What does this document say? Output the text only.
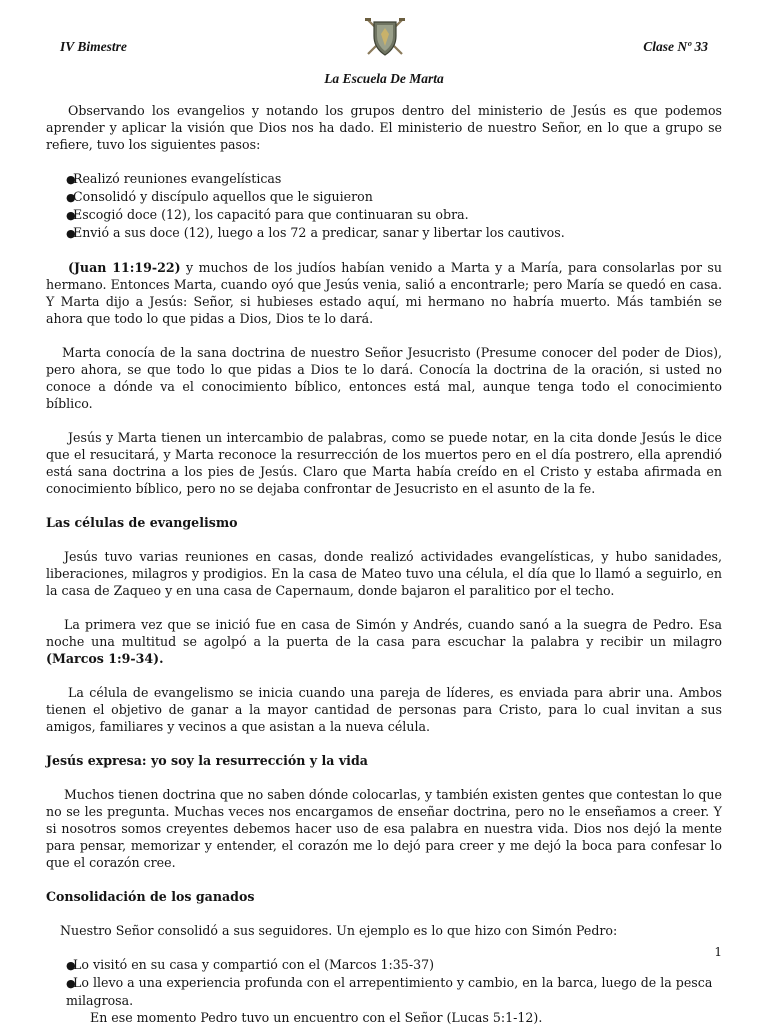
IV Bimestre	Clase Nº 33
La Escuela De Marta

Observando los evangelios y notando los grupos dentro del ministerio de Jesús es que podemos aprender y aplicar la visión que Dios nos ha dado. El ministerio de nuestro Señor, en lo que a grupo se refiere, tuvo los siguientes pasos:

●Realizó reuniones evangelísticas
●Consolidó y discípulo aquellos que le siguieron
●Escogió doce (12), los capacitó para que continuaran su obra.
●Envió a sus doce (12), luego a los 72 a predicar, sanar y libertar los cautivos.

(Juan 11:19-22) y muchos de los judíos habían venido a Marta y a María, para consolarlas por su hermano. Entonces Marta, cuando oyó que Jesús venia, salió a encontrarle; pero María se quedó en casa. Y Marta dijo a Jesús: Señor, si hubieses estado aquí, mi hermano no habría muerto. Más también se ahora que todo lo que pidas a Dios, Dios te lo dará.

Marta conocía de la sana doctrina de nuestro Señor Jesucristo (Presume conocer del poder de Dios), pero ahora, se que todo lo que pidas a Dios te lo dará. Conocía la doctrina de la oración, si usted no conoce a dónde va el conocimiento bíblico, entonces está mal, aunque tenga todo el conocimiento bíblico.

Jesús y Marta tienen un intercambio de palabras, como se puede notar, en la cita donde Jesús le dice que el resucitará, y Marta reconoce la resurrección de los muertos pero en el día postrero, ella aprendió está sana doctrina a los pies de Jesús. Claro que Marta había creído en el Cristo y estaba afirmada en conocimiento bíblico, pero no se dejaba confrontar de Jesucristo en el asunto de la fe.

Las células de evangelismo

Jesús tuvo varias reuniones en casas, donde realizó actividades evangelísticas, y hubo sanidades, liberaciones, milagros y prodigios. En la casa de Mateo tuvo una célula, el día que lo llamó a seguirlo, en la casa de Zaqueo y en una casa de Capernaum, donde bajaron el paralitico por el techo.

La primera vez que se inició fue en casa de Simón y Andrés, cuando sanó a la suegra de Pedro. Esa noche una multitud se agolpó a la puerta de la casa para escuchar la palabra y recibir un milagro (Marcos 1:9-34).

La célula de evangelismo se inicia cuando una pareja de líderes, es enviada para abrir una. Ambos tienen el objetivo de ganar a la mayor cantidad de personas para Cristo, para lo cual invitan a sus amigos, familiares y vecinos a que asistan a la nueva célula.

Jesús expresa: yo soy la resurrección y la vida

Muchos tienen doctrina que no saben dónde colocarlas, y también existen gentes que contestan lo que no se les pregunta. Muchas veces nos encargamos de enseñar doctrina, pero no le enseñamos a creer. Y si nosotros somos creyentes debemos hacer uso de esa palabra en nuestra vida. Dios nos dejó la mente para pensar, memorizar y entender, el corazón me lo dejó para creer y me dejó la boca para confesar lo que el corazón cree.

Consolidación de los ganados

Nuestro Señor consolidó a sus seguidores. Un ejemplo es lo que hizo con Simón Pedro:

●Lo visitó en su casa y compartió con el (Marcos 1:35-37)
●Lo llevo a una experiencia profunda con el arrepentimiento y cambio, en la barca, luego de la pesca milagrosa.
En ese momento Pedro tuvo un encuentro con el Señor (Lucas 5:1-12).
1
